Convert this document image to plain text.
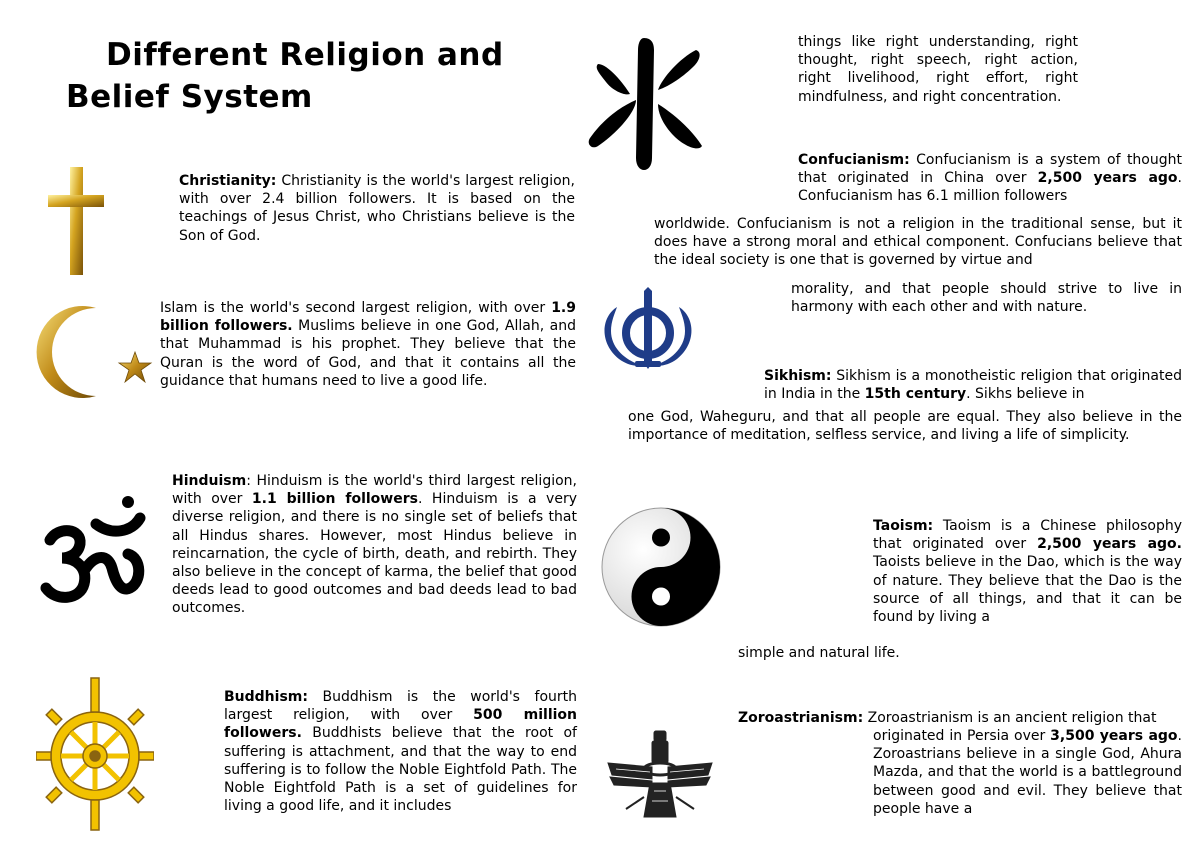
Different Religion and
Belief System
Christianity: Christianity is the world's largest religion, with over 2.4 billion followers. It is based on the teachings of Jesus Christ, who Christians believe is the Son of God.
Islam is the world's second largest religion, with over 1.9 billion followers. Muslims believe in one God, Allah, and that Muhammad is his prophet. They believe that the Quran is the word of God, and that it contains all the guidance that humans need to live a good life.
Hinduism: Hinduism is the world's third largest religion, with over 1.1 billion followers. Hinduism is a very diverse religion, and there is no single set of beliefs that all Hindus shares. However, most Hindus believe in reincarnation, the cycle of birth, death, and rebirth. They also believe in the concept of karma, the belief that good deeds lead to good outcomes and bad deeds lead to bad outcomes.
Buddhism: Buddhism is the world's fourth largest religion, with over 500 million followers. Buddhists believe that the root of suffering is attachment, and that the way to end suffering is to follow the Noble Eightfold Path. The Noble Eightfold Path is a set of guidelines for living a good life, and it includes
things like right understanding, right thought, right speech, right action, right livelihood, right effort, right mindfulness, and right concentration.
Confucianism: Confucianism is a system of thought that originated in China over 2,500 years ago. Confucianism has 6.1 million followers
worldwide. Confucianism is not a religion in the traditional sense, but it does have a strong moral and ethical component. Confucians believe that the ideal society is one that is governed by virtue and
morality, and that people should strive to live in harmony with each other and with nature.
Sikhism: Sikhism is a monotheistic religion that originated in India in the 15th century. Sikhs believe in
one God, Waheguru, and that all people are equal. They also believe in the importance of meditation, selfless service, and living a life of simplicity.
Taoism: Taoism is a Chinese philosophy that originated over 2,500 years ago. Taoists believe in the Dao, which is the way of nature. They believe that the Dao is the source of all things, and that it can be found by living a
simple and natural life.
Zoroastrianism: Zoroastrianism is an ancient religion that
originated in Persia over 3,500 years ago. Zoroastrians believe in a single God, Ahura Mazda, and that the world is a battleground between good and evil. They believe that people have a
